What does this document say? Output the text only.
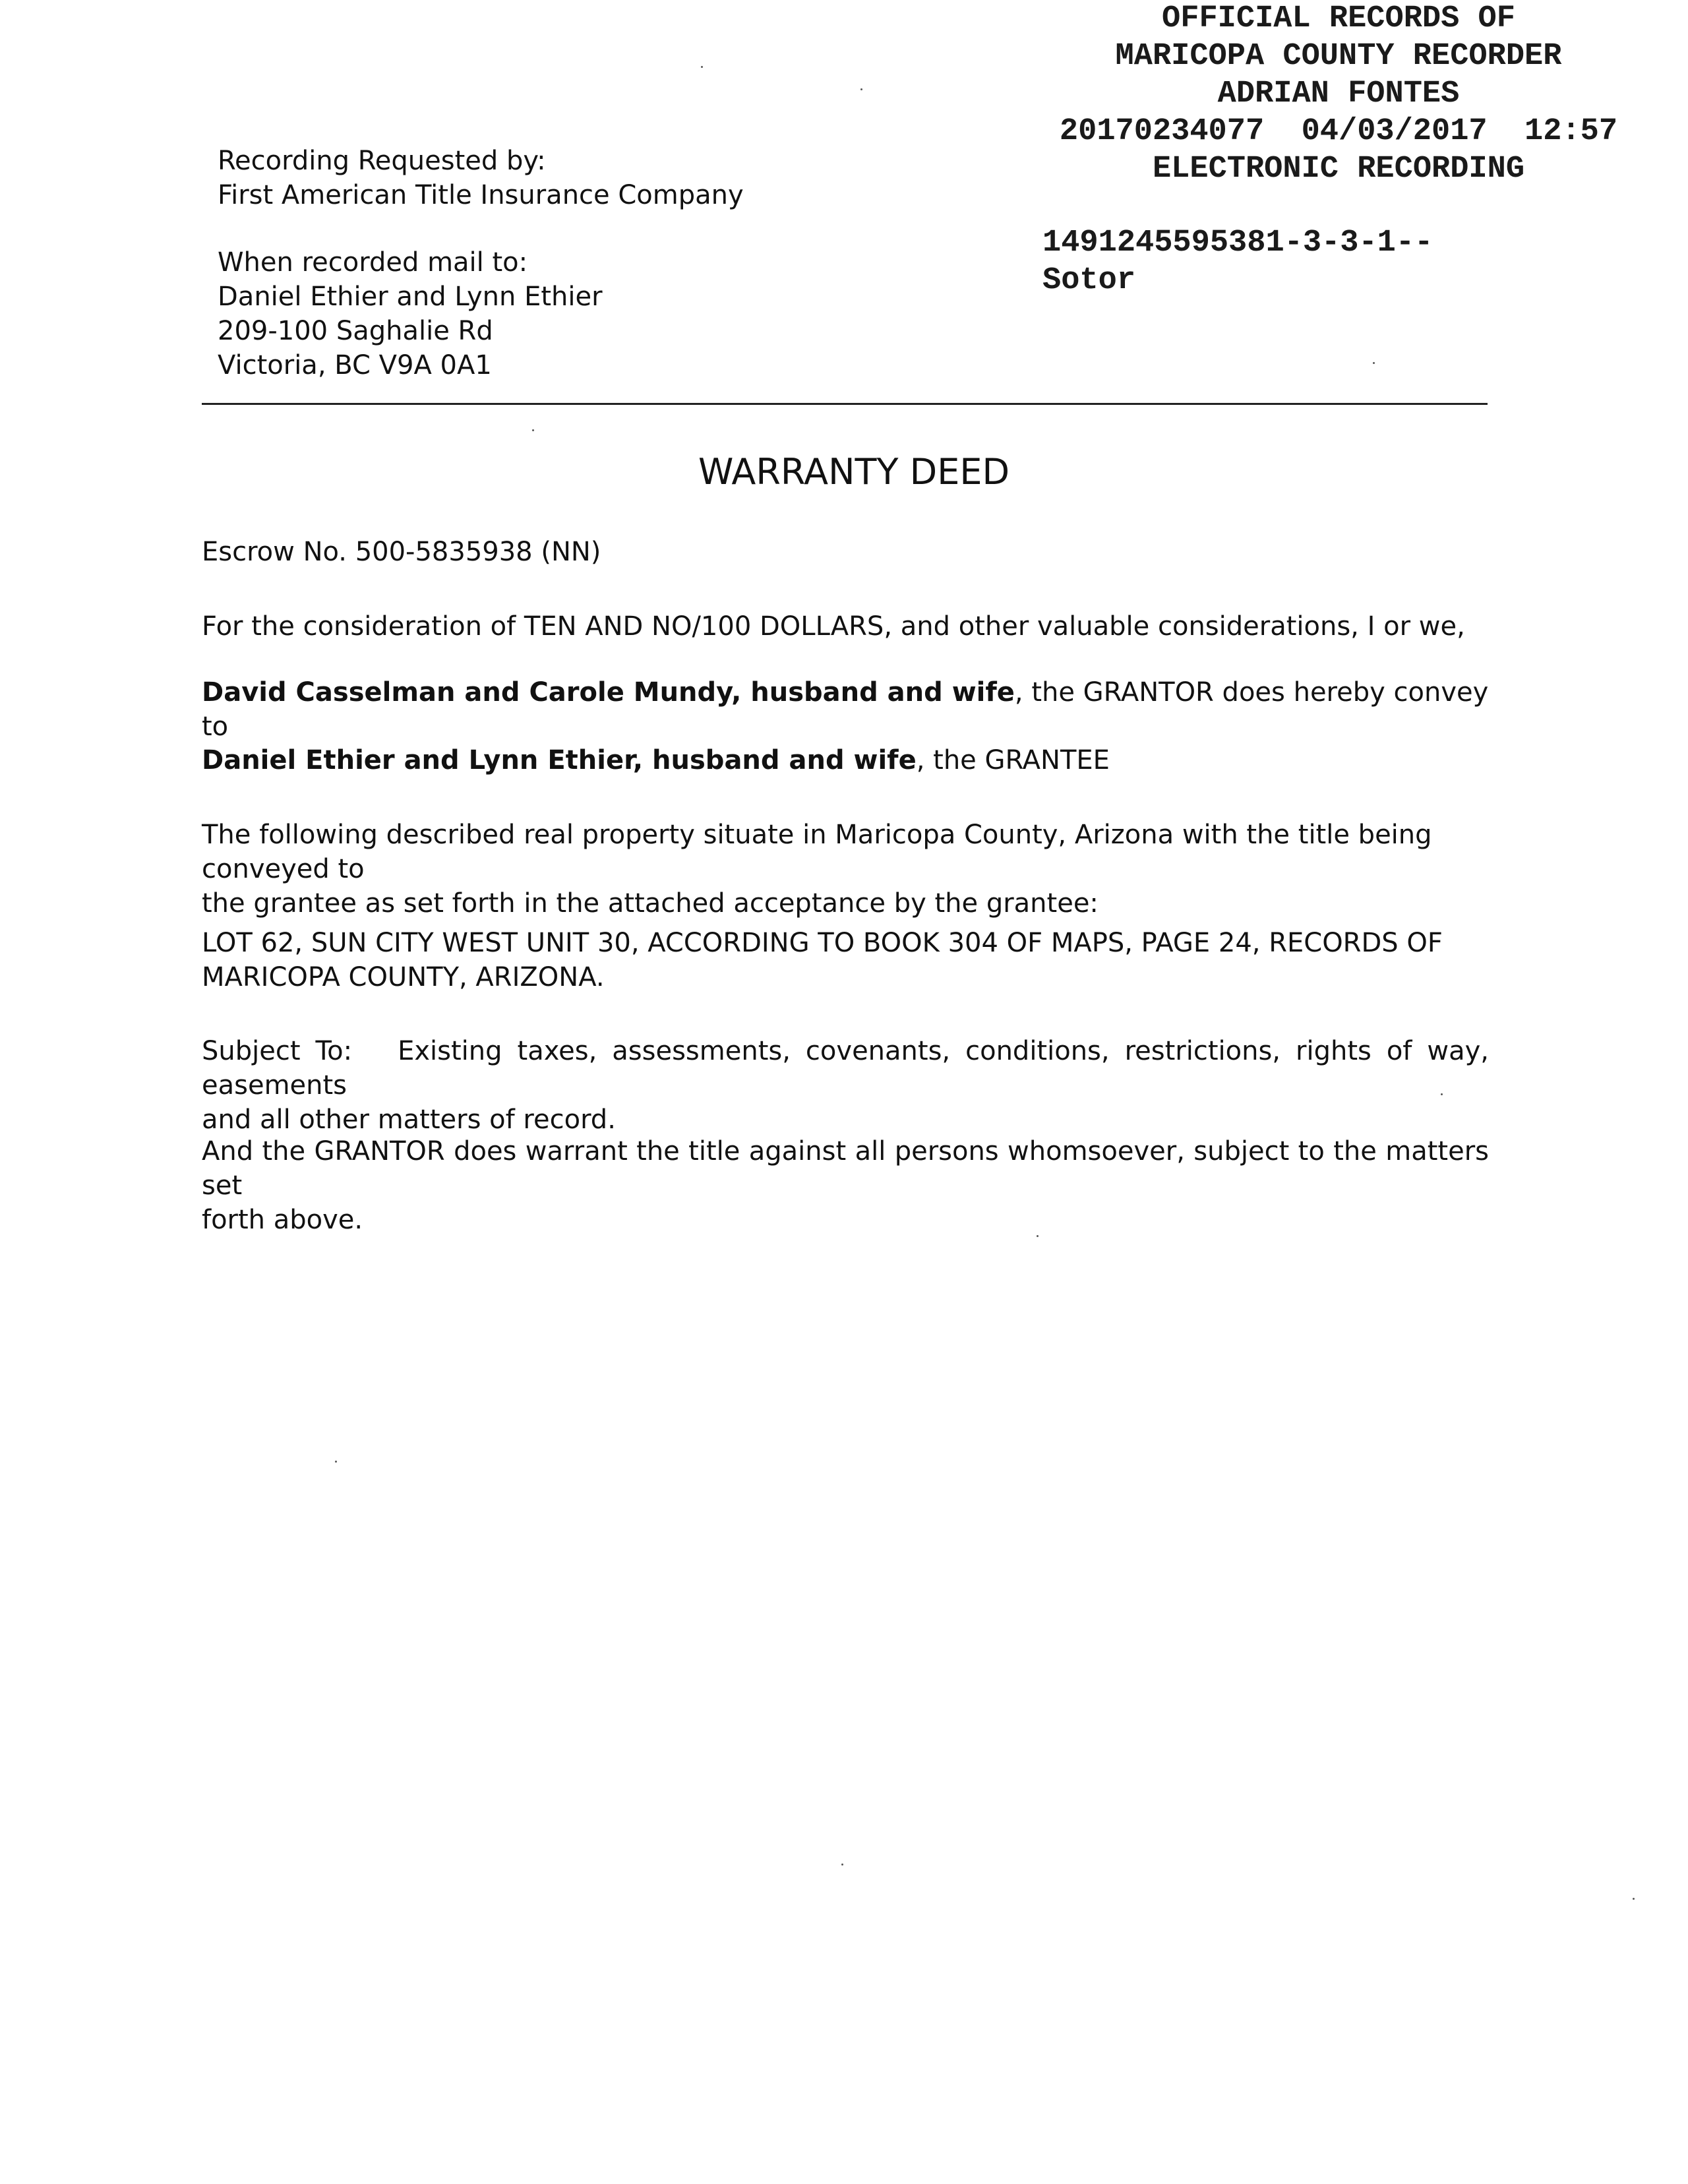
OFFICIAL RECORDS OF
MARICOPA COUNTY RECORDER
ADRIAN FONTES
20170234077  04/03/2017  12:57
ELECTRONIC RECORDING
1491245595381-3-3-1--
Sotor
Recording Requested by:
First American Title Insurance Company
When recorded mail to:
Daniel Ethier and Lynn Ethier
209-100 Saghalie Rd
Victoria, BC V9A 0A1
WARRANTY DEED
Escrow No. 500-5835938 (NN)
For the consideration of TEN AND NO/100 DOLLARS, and other valuable considerations, I or we,
David Casselman and Carole Mundy, husband and wife, the GRANTOR does hereby convey to
Daniel Ethier and Lynn Ethier, husband and wife, the GRANTEE
The following described real property situate in Maricopa County, Arizona with the title being conveyed to
the grantee as set forth in the attached acceptance by the grantee:
LOT 62, SUN CITY WEST UNIT 30, ACCORDING TO BOOK 304 OF MAPS, PAGE 24, RECORDS OF
MARICOPA COUNTY, ARIZONA.
Subject To: Existing taxes, assessments, covenants, conditions, restrictions, rights of way, easements
and all other matters of record.
And the GRANTOR does warrant the title against all persons whomsoever, subject to the matters set
forth above.
